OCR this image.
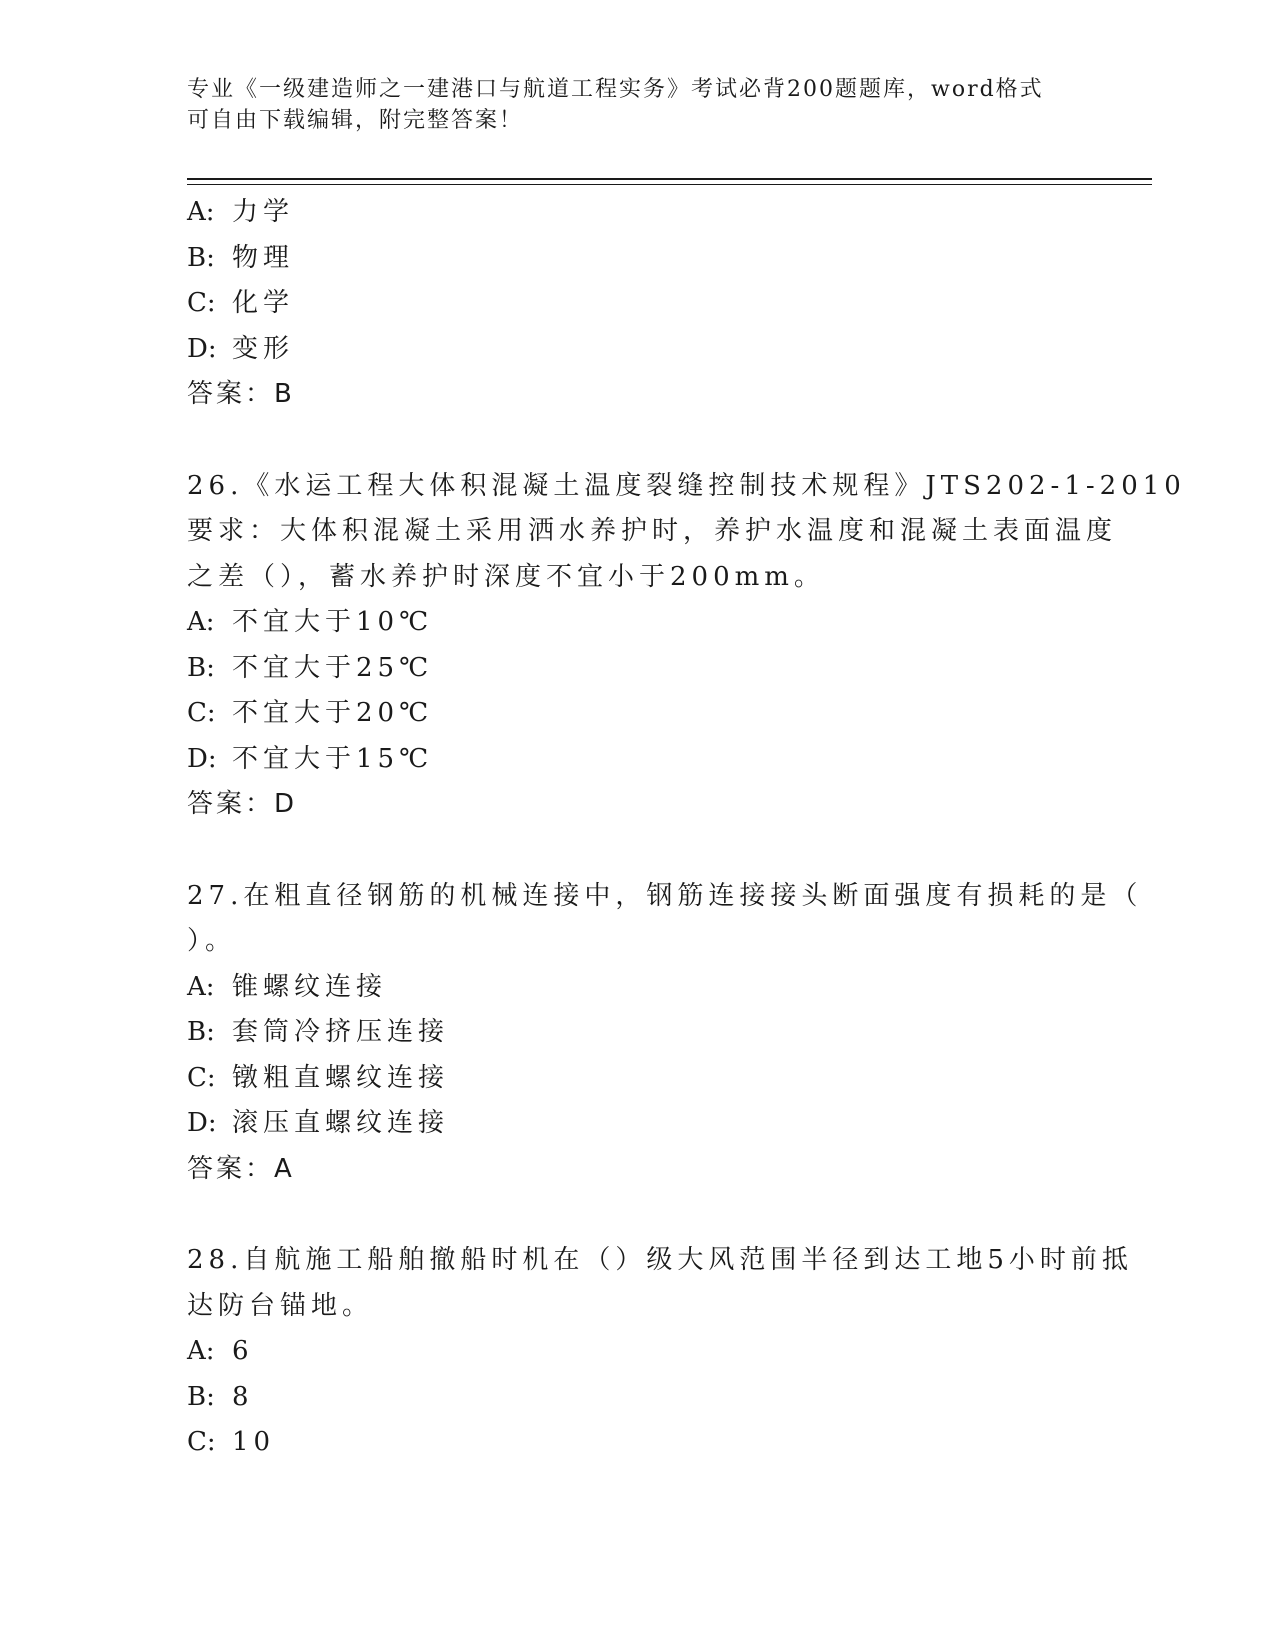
专业《一级建造师之一建港口与航道工程实务》考试必背200题题库，word格式
可自由下载编辑，附完整答案！
A: 力学
B: 物理
C: 化学
D: 变形
答案：B
26.《水运工程大体积混凝土温度裂缝控制技术规程》JTS202-1-2010
要求：大体积混凝土采用洒水养护时，养护水温度和混凝土表面温度
之差（），蓄水养护时深度不宜小于200mm。
A: 不宜大于10℃
B: 不宜大于25℃
C: 不宜大于20℃
D: 不宜大于15℃
答案：D
27.在粗直径钢筋的机械连接中，钢筋连接接头断面强度有损耗的是（
）。
A: 锥螺纹连接
B: 套筒冷挤压连接
C: 镦粗直螺纹连接
D: 滚压直螺纹连接
答案：A
28.自航施工船舶撤船时机在（）级大风范围半径到达工地5小时前抵
达防台锚地。
A: 6
B: 8
C: 10
